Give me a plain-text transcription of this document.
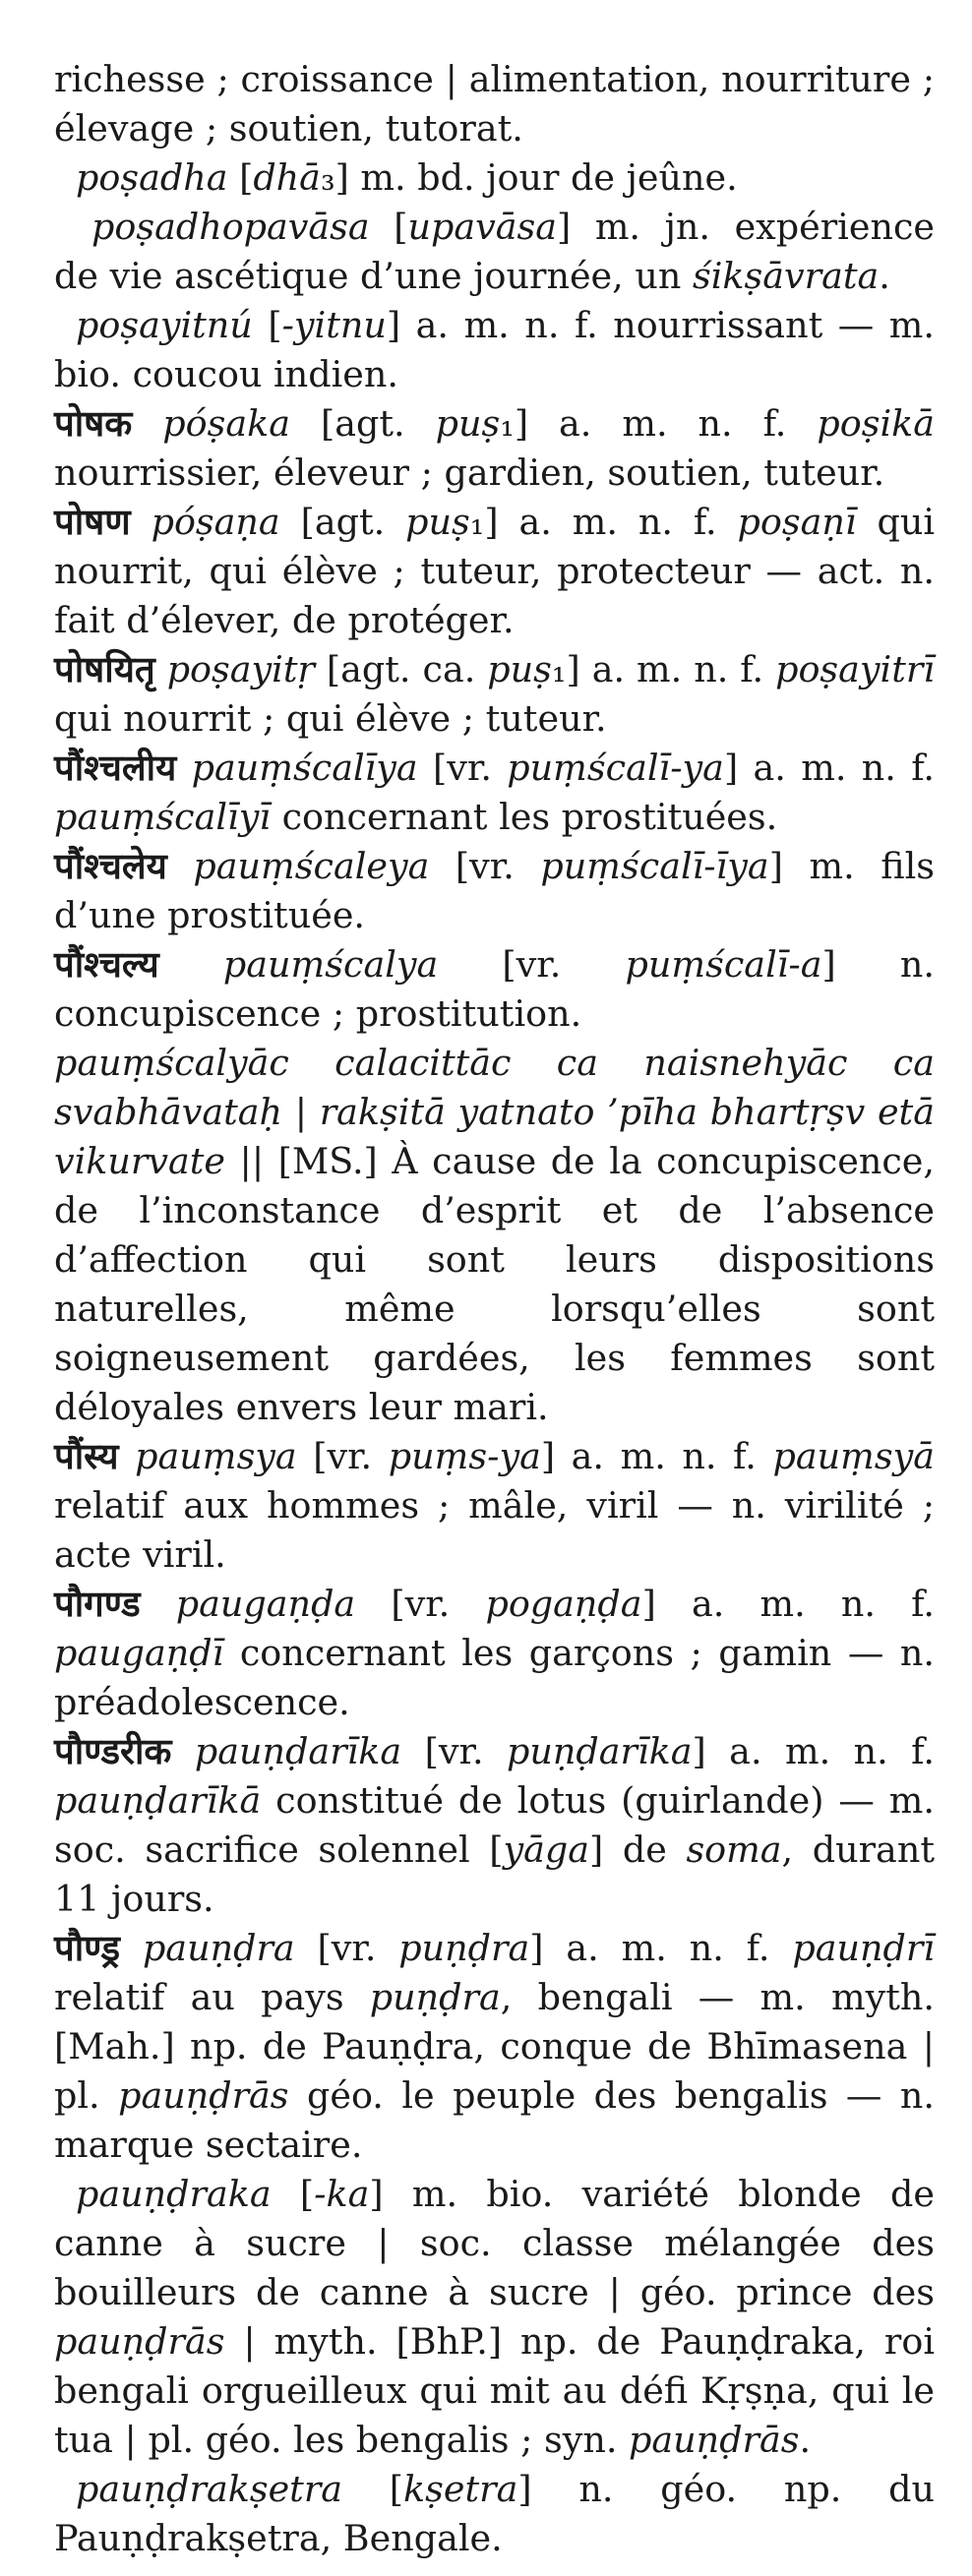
richesse ; croissance | alimentation, nourriture ; élevage ; soutien, tutorat.

poṣadha [dhā₃] m. bd. jour de jeûne.

poṣadhopavāsa [upavāsa] m. jn. expérience de vie ascétique d’une journée, un śikṣāvrata.

poṣayitnú [-yitnu] a. m. n. f. nourrissant — m. bio. coucou indien.

पोषक póṣaka [agt. puṣ₁] a. m. n. f. poṣikā nourrissier, éleveur ; gardien, soutien, tuteur.

पोषण póṣaṇa [agt. puṣ₁] a. m. n. f. poṣaṇī qui nourrit, qui élève ; tuteur, protecteur — act. n. fait d’élever, de protéger.

पोषयितृ poṣayitṛ [agt. ca. puṣ₁] a. m. n. f. poṣayitrī qui nourrit ; qui élève ; tuteur.

पौंश्चलीय pauṃścalīya [vr. puṃścalī-ya] a. m. n. f. pauṃścalīyī concernant les prostituées.

पौंश्चलेय pauṃścaleya [vr. puṃścalī-īya] m. fils d’une prostituée.

पौंश्चल्य pauṃścalya [vr. puṃścalī-a] n. concupiscence ; prostitution.

pauṃścalyāc calacittāc ca naisnehyāc ca svabhāvataḥ | rakṣitā yatnato ’pīha bhartṛṣv etā vikurvate || [MS.] À cause de la concupiscence, de l’inconstance d’esprit et de l’absence d’affection qui sont leurs dispositions naturelles, même lorsqu’elles sont soigneusement gardées, les femmes sont déloyales envers leur mari.

पौंस्य pauṃsya [vr. puṃs-ya] a. m. n. f. pauṃsyā relatif aux hommes ; mâle, viril — n. virilité ; acte viril.

पौगण्ड paugaṇḍa [vr. pogaṇḍa] a. m. n. f. paugaṇḍī concernant les garçons ; gamin — n. préadolescence.

पौण्डरीक pauṇḍarīka [vr. puṇḍarīka] a. m. n. f. pauṇḍarīkā constitué de lotus (guirlande) — m. soc. sacrifice solennel [yāga] de soma, durant 11 jours.

पौण्ड्र pauṇḍra [vr. puṇḍra] a. m. n. f. pauṇḍrī relatif au pays puṇḍra, bengali — m. myth. [Mah.] np. de Pauṇḍra, conque de Bhīmasena | pl. pauṇḍrās géo. le peuple des bengalis — n. marque sectaire.

pauṇḍraka [-ka] m. bio. variété blonde de canne à sucre | soc. classe mélangée des bouilleurs de canne à sucre | géo. prince des pauṇḍrās | myth. [BhP.] np. de Pauṇḍraka, roi bengali orgueilleux qui mit au défi Kṛṣṇa, qui le tua | pl. géo. les bengalis ; syn. pauṇḍrās.

pauṇḍrakṣetra [kṣetra] n. géo. np. du Pauṇḍrakṣetra, Bengale.
